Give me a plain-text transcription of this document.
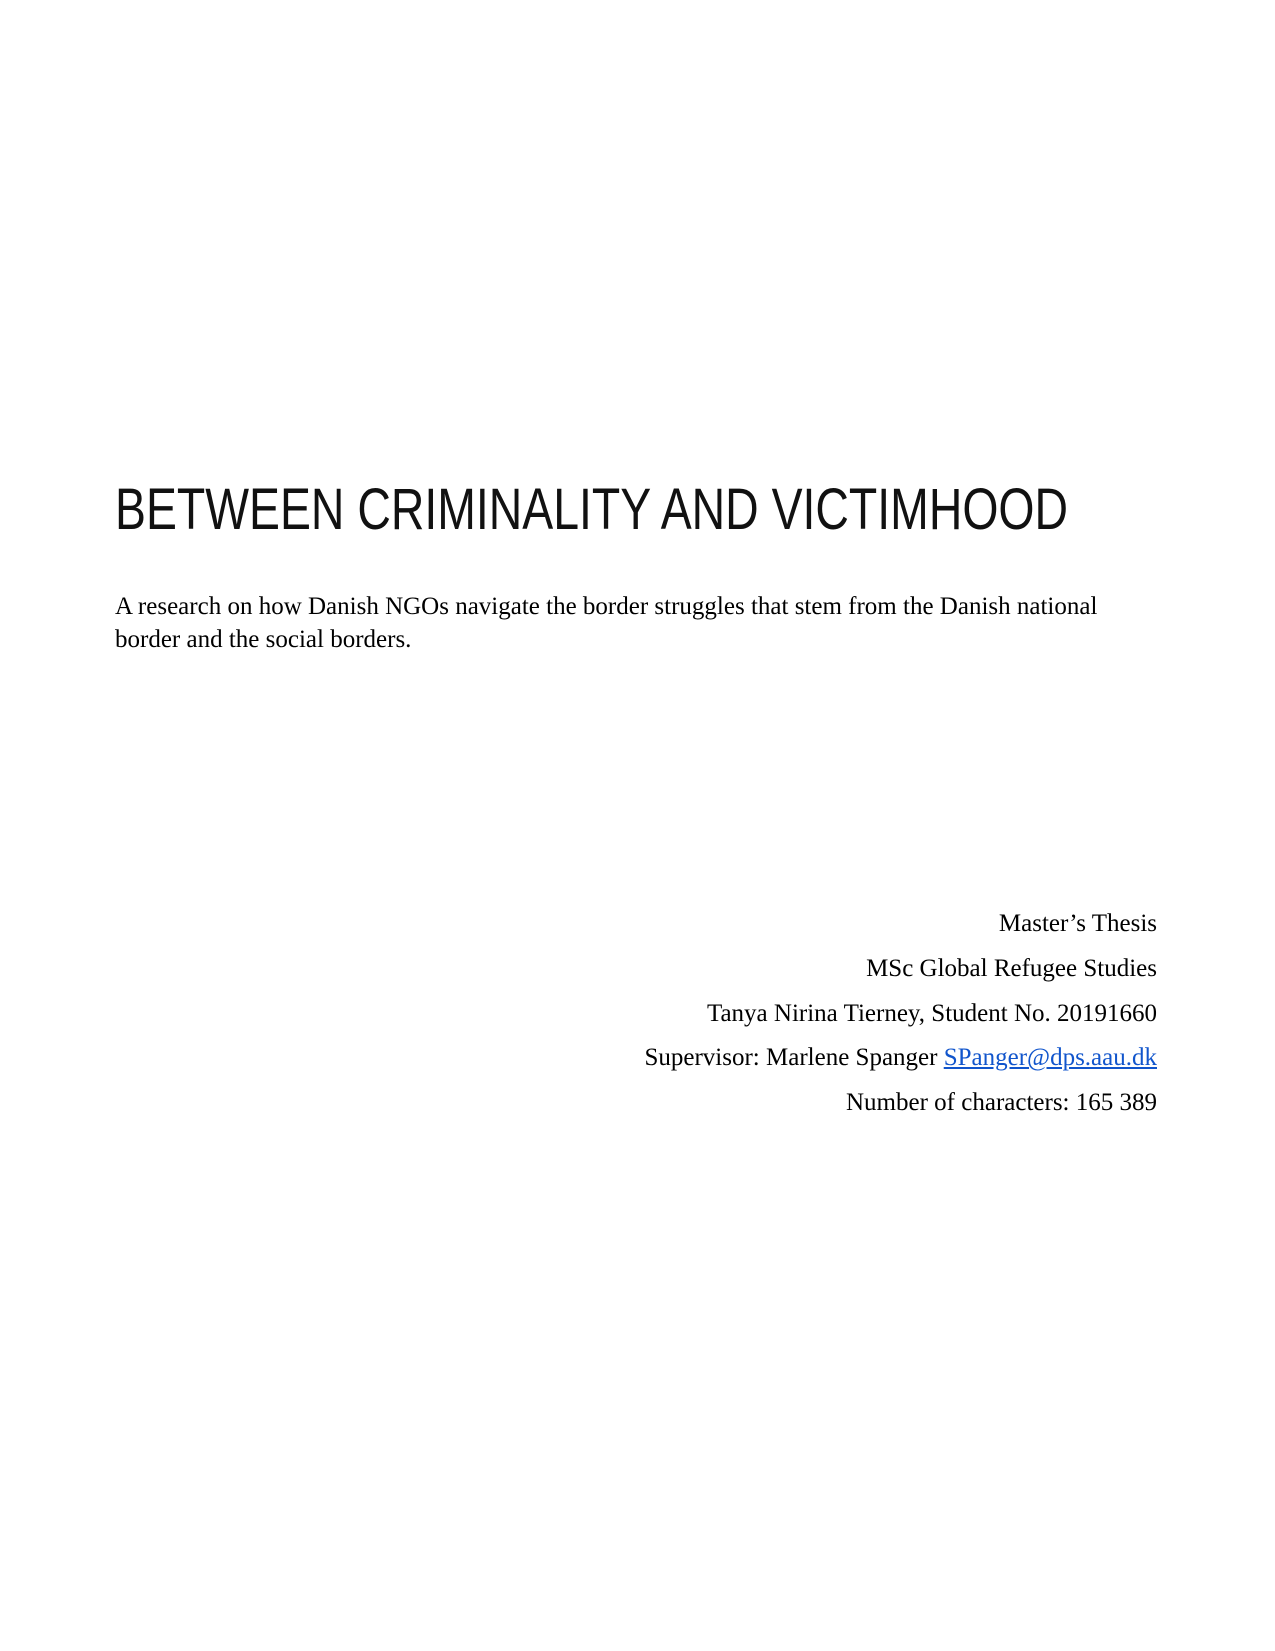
BETWEEN CRIMINALITY AND VICTIMHOOD

A research on how Danish NGOs navigate the border struggles that stem from the Danish national border and the social borders.

Master’s Thesis
MSc Global Refugee Studies
Tanya Nirina Tierney, Student No. 20191660
Supervisor: Marlene Spanger SPanger@dps.aau.dk
Number of characters: 165 389
